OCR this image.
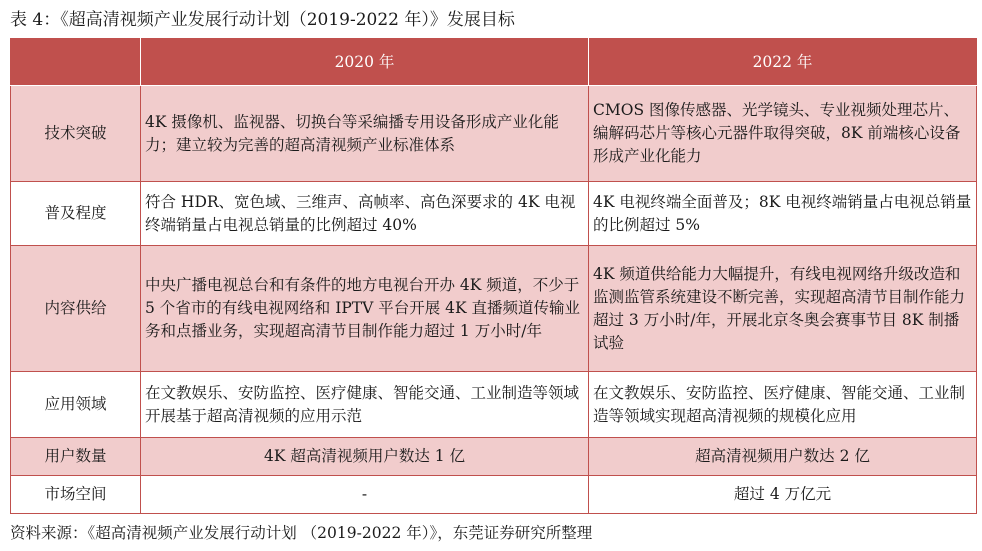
表 4：《超高清视频产业发展行动计划（2019-2022 年）》发展目标
	2020 年	2022 年
技术突破	4K 摄像机、监视器、切换台等采编播专用设备形成产业化能力；建立较为完善的超高清视频产业标准体系	CMOS 图像传感器、光学镜头、专业视频处理芯片、编解码芯片等核心元器件取得突破，8K 前端核心设备形成产业化能力
普及程度	符合 HDR、宽色域、三维声、高帧率、高色深要求的 4K 电视终端销量占电视总销量的比例超过 40%	4K 电视终端全面普及；8K 电视终端销量占电视总销量的比例超过 5%
内容供给	中央广播电视总台和有条件的地方电视台开办 4K 频道，不少于 5 个省市的有线电视网络和 IPTV 平台开展 4K 直播频道传输业务和点播业务，实现超高清节目制作能力超过 1 万小时/年	4K 频道供给能力大幅提升，有线电视网络升级改造和监测监管系统建设不断完善，实现超高清节目制作能力超过 3 万小时/年，开展北京冬奥会赛事节目 8K 制播试验
应用领域	在文教娱乐、安防监控、医疗健康、智能交通、工业制造等领域开展基于超高清视频的应用示范	在文教娱乐、安防监控、医疗健康、智能交通、工业制造等领域实现超高清视频的规模化应用
用户数量	4K 超高清视频用户数达 1 亿	超高清视频用户数达 2 亿
市场空间	-	超过 4 万亿元
资料来源：《超高清视频产业发展行动计划 （2019-2022 年）》，东莞证券研究所整理
